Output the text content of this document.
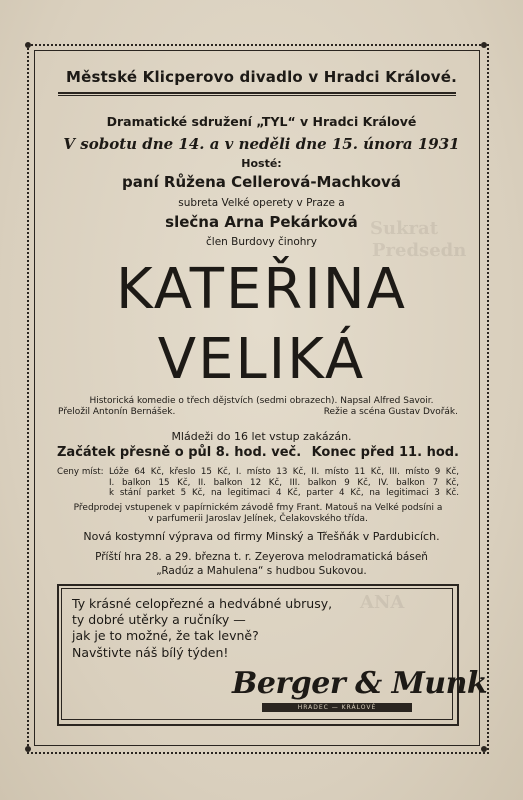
Sukrat
Predsedn
ANA
Městské Klicperovo divadlo v Hradci Králové.
Dramatické sdružení „TYL“ v Hradci Králové
V sobotu dne 14. a v neděli dne 15. února 1931
Hosté:
paní Růžena Cellerová-Machková
subreta Velké operety v Praze a
slečna Arna Pekárková
člen Burdovy činohry
KATEŘINA
VELIKÁ
Historická komedie o třech dějstvích (sedmi obrazech). Napsal Alfred Savoir.
Přeložil Antonín Bernášek.	Režie a scéna Gustav Dvořák.
Mládeži do 16 let vstup zakázán.
Začátek přesně o půl 8. hod. več. Konec před 11. hod.
Ceny míst: Lóže 64 Kč, křeslo 15 Kč, I. místo 13 Kč, II. místo 11 Kč, III. místo 9 Kč,
I. balkon 15 Kč, II. balkon 12 Kč, III. balkon 9 Kč, IV. balkon 7 Kč,
k stání parket 5 Kč, na legitimaci 4 Kč, parter 4 Kč, na legitimaci 3 Kč.
Předprodej vstupenek v papírnickém závodě fmy Frant. Matouš na Velké podsíni a
v parfumerii Jaroslav Jelínek, Čelakovského třída.
Nová kostymní výprava od firmy Minský a Třešňák v Pardubicích.
Příští hra 28. a 29. března t. r. Zeyerova melodramatická báseň
„Radúz a Mahulena“ s hudbou Sukovou.
Ty krásné celopřezné a hedvábné ubrusy,
ty dobré utěrky a ručníky —
jak je to možné, že tak levně?
Navštivte náš bílý týden!
Berger & Munk
HRADEC — KRÁLOVÉ
